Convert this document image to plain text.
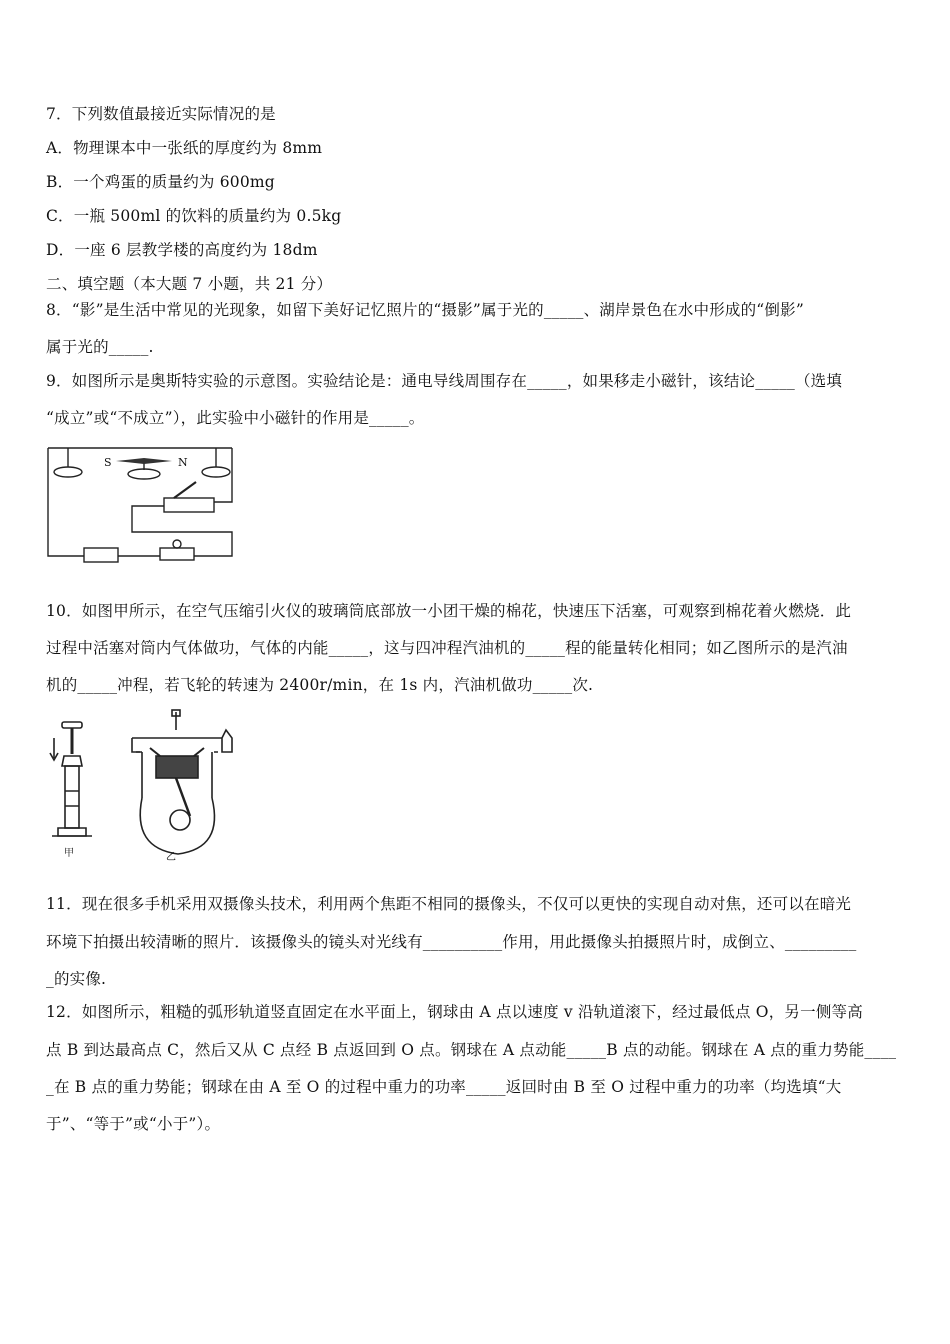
7．下列数值最接近实际情况的是
A．物理课本中一张纸的厚度约为 8mm
B．一个鸡蛋的质量约为 600mg
C．一瓶 500ml 的饮料的质量约为 0.5kg
D．一座 6 层教学楼的高度约为 18dm
二、填空题（本大题 7 小题，共 21 分）
8．“影”是生活中常见的光现象，如留下美好记忆照片的“摄影”属于光的_____、湖岸景色在水中形成的“倒影”
属于光的_____.
9．如图所示是奥斯特实验的示意图。实验结论是：通电导线周围存在_____，如果移走小磁针，该结论_____（选填
“成立”或“不成立”），此实验中小磁针的作用是_____。
S	N
10．如图甲所示，在空气压缩引火仪的玻璃筒底部放一小团干燥的棉花，快速压下活塞，可观察到棉花着火燃烧．此
过程中活塞对筒内气体做功，气体的内能_____，这与四冲程汽油机的_____程的能量转化相同；如乙图所示的是汽油
机的_____冲程，若飞轮的转速为 2400r/min，在 1s 内，汽油机做功_____次.
甲	乙
11．现在很多手机采用双摄像头技术，利用两个焦距不相同的摄像头，不仅可以更快的实现自动对焦，还可以在暗光
环境下拍摄出较清晰的照片．该摄像头的镜头对光线有__________作用，用此摄像头拍摄照片时，成倒立、_________
_的实像.
12．如图所示，粗糙的弧形轨道竖直固定在水平面上，钢球由 A 点以速度 v 沿轨道滚下，经过最低点 O，另一侧等高
点 B 到达最高点 C，然后又从 C 点经 B 点返回到 O 点。钢球在 A 点动能_____B 点的动能。钢球在 A 点的重力势能____
_在 B 点的重力势能；钢球在由 A 至 O 的过程中重力的功率_____返回时由 B 至 O 过程中重力的功率（均选填“大
于”、“等于”或“小于”）。
